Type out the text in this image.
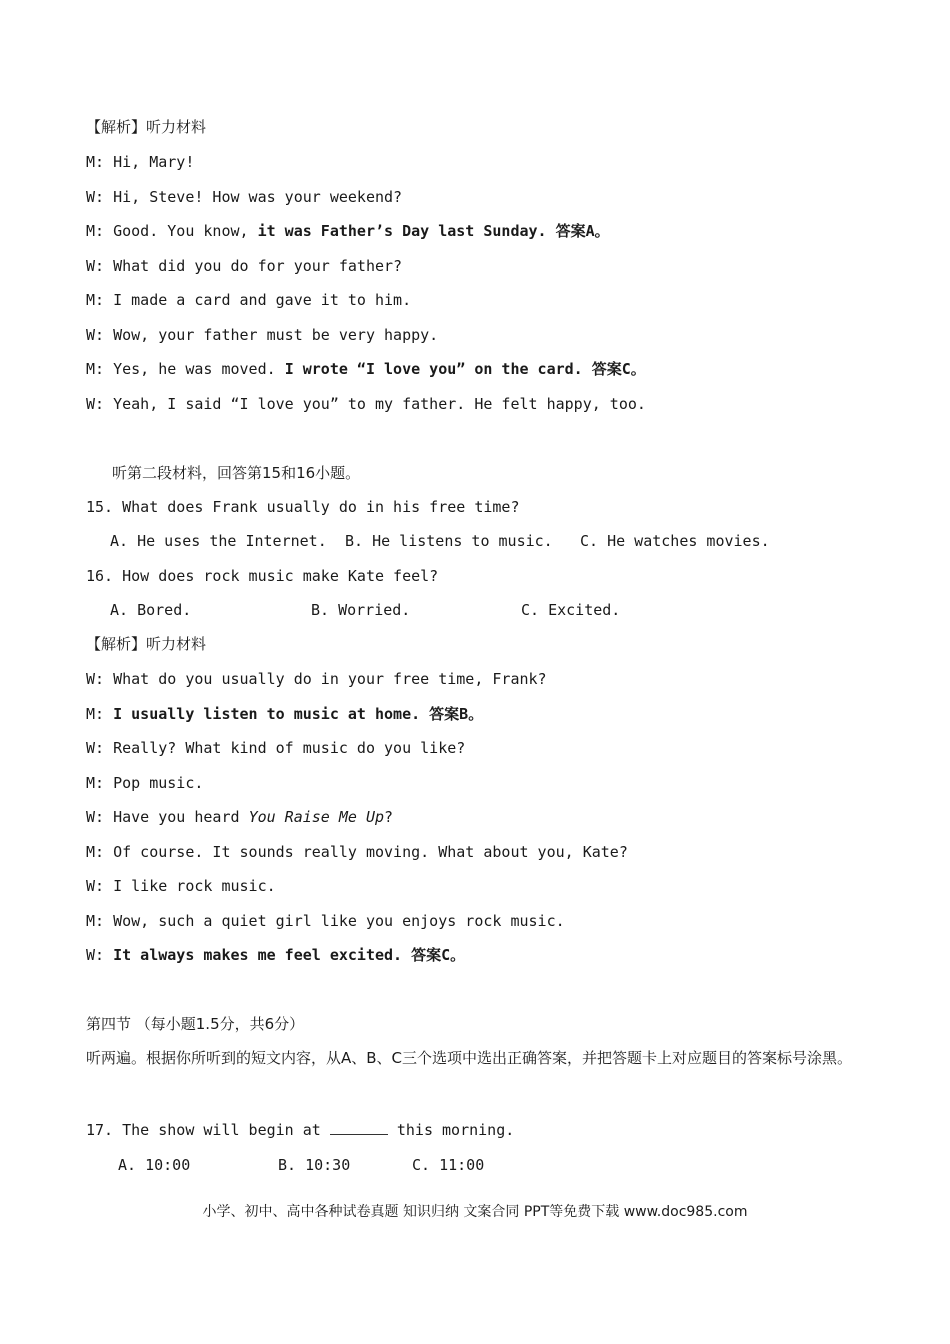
【解析】听力材料
M: Hi, Mary!
W: Hi, Steve! How was your weekend?
M: Good. You know, it was Father’s Day last Sunday. 答案A。
W: What did you do for your father?
M: I made a card and gave it to him.
W: Wow, your father must be very happy.
M: Yes, he was moved. I wrote “I love you” on the card. 答案C。
W: Yeah, I said “I love you” to my father. He felt happy, too.
听第二段材料，回答第15和16小题。
15. What does Frank usually do in his free time?
A. He uses the Internet. B. He listens to music. C. He watches movies.
16. How does rock music make Kate feel?
A. Bored.	B. Worried.	C. Excited.
【解析】听力材料
W: What do you usually do in your free time, Frank?
M: I usually listen to music at home. 答案B。
W: Really? What kind of music do you like?
M: Pop music.
W: Have you heard You Raise Me Up?
M: Of course. It sounds really moving. What about you, Kate?
W: I like rock music.
M: Wow, such a quiet girl like you enjoys rock music.
W: It always makes me feel excited. 答案C。
第四节 （每小题1.5分，共6分）
听两遍。根据你所听到的短文内容，从A、B、C三个选项中选出正确答案，并把答题卡上对应题目的答案标号涂黑。
17. The show will begin at	this morning.
A. 10:00	B. 10:30	C. 11:00
小学、初中、高中各种试卷真题 知识归纳 文案合同 PPT等免费下载 www.doc985.com
